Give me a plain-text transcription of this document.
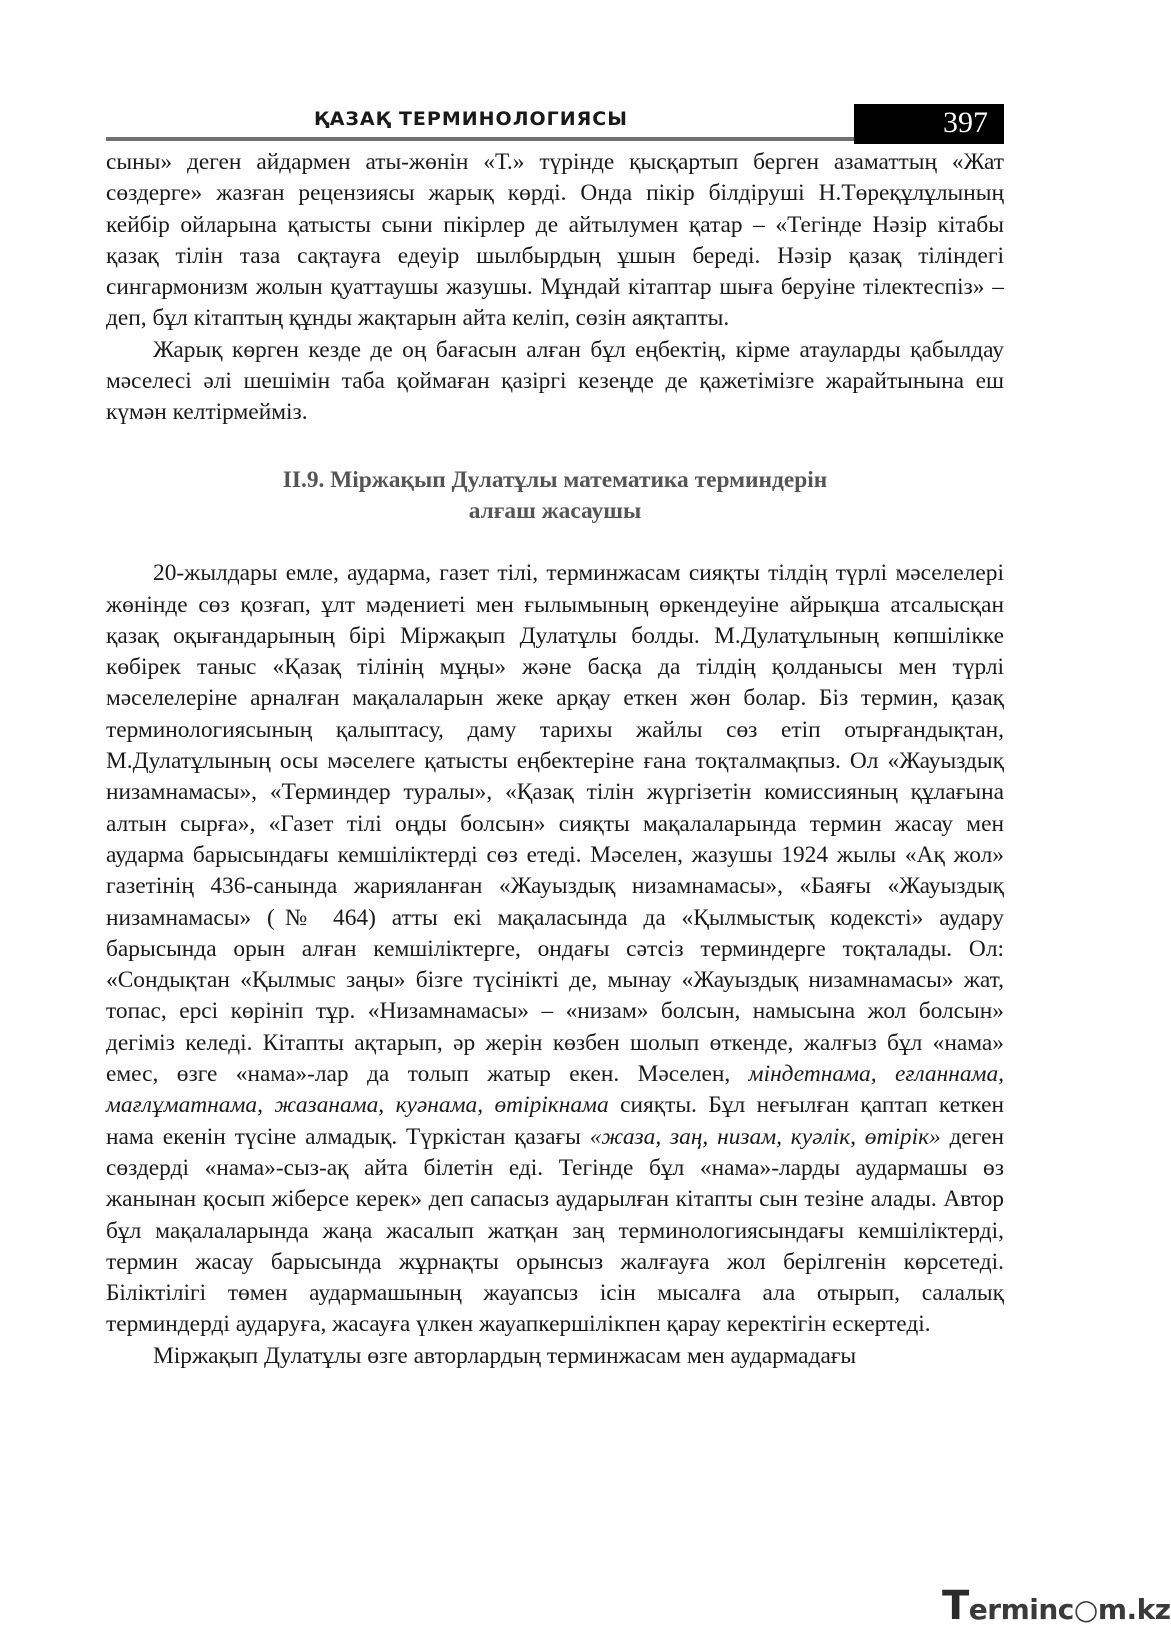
ҚАЗАҚ ТЕРМИНОЛОГИЯСЫ	397

сыны» деген айдармен аты-жөнін «Т.» түрінде қысқартып берген азаматтың «Жат сөздерге» жазған рецензиясы жарық көрді. Онда пікір білдіруші Н.Төреқұлұлының кейбір ойларына қатысты сыни пікірлер де айтылумен қатар – «Тегінде Нәзір кітабы қазақ тілін таза сақтауға едеуір шылбырдың ұшын береді. Нәзір қазақ тіліндегі сингармонизм жолын қуаттаушы жазушы. Мұндай кітаптар шыға беруіне тілектеспіз» – деп, бұл кітаптың құнды жақтарын айта келіп, сөзін аяқтапты.

Жарық көрген кезде де оң бағасын алған бұл еңбектің, кірме атауларды қабылдау мәселесі әлі шешімін таба қоймаған қазіргі кезеңде де қажетімізге жарайтынына еш күмән келтірмейміз.

II.9. Міржақып Дулатұлы математика терминдерін
алғаш жасаушы

20-жылдары емле, аударма, газет тілі, терминжасам сияқты тілдің түрлі мәселелері жөнінде сөз қозғап, ұлт мәдениеті мен ғылымының өркендеуіне айрықша атсалысқан қазақ оқығандарының бірі Міржақып Дулатұлы болды. М.Дулатұлының көпшілікке көбірек таныс «Қазақ тілінің мұңы» және басқа да тілдің қолданысы мен түрлі мәселелеріне арналған мақалаларын жеке арқау еткен жөн болар. Біз термин, қазақ терминологиясының қалыптасу, даму тарихы жайлы сөз етіп отырғандықтан, М.Дулатұлының осы мәселеге қатысты еңбектеріне ғана тоқталмақпыз. Ол «Жауыздық низамнамасы», «Терминдер туралы», «Қазақ тілін жүргізетін комиссияның құлағына алтын сырға», «Газет тілі оңды болсын» сияқты мақалаларында термин жасау мен аударма барысындағы кемшіліктерді сөз етеді. Мәселен, жазушы 1924 жылы «Ақ жол» газетінің 436-санында жарияланған «Жауыздық низамнамасы», «Баяғы «Жауыздық низамнамасы» (№ 464) атты екі мақаласында да «Қылмыстық кодексті» аудару барысында орын алған кемшіліктерге, ондағы сәтсіз терминдерге тоқталады. Ол: «Сондықтан «Қылмыс заңы» бізге түсінікті де, мынау «Жауыздық низамнамасы» жат, топас, ерсі көрініп тұр. «Низамнамасы» – «низам» болсын, намысына жол болсын» дегіміз келеді. Кітапты ақтарып, әр жерін көзбен шолып өткенде, жалғыз бұл «нама» емес, өзге «нама»-лар да толып жатыр екен. Мәселен, міндетнама, еғланнама, мағлұматнама, жазанама, куәнама, өтірікнама сияқты. Бұл неғылған қаптап кеткен нама екенін түсіне алмадық. Түркістан қазағы «жаза, заң, низам, куәлік, өтірік» деген сөздерді «нама»-сыз-ақ айта білетін еді. Тегінде бұл «нама»-ларды аудармашы өз жанынан қосып жіберсе керек» деп сапасыз аударылған кітапты сын тезіне алады. Автор бұл мақалаларында жаңа жасалып жатқан заң терминологиясындағы кемшіліктерді, термин жасау барысында жұрнақты орынсыз жалғауға жол берілгенін көрсетеді. Біліктілігі төмен аудармашының жауапсыз ісін мысалға ала отырып, салалық терминдерді аударуға, жасауға үлкен жауапкершілікпен қарау керектігін ескертеді.

Міржақып Дулатұлы өзге авторлардың терминжасам мен аудармадағы

Terminc○m.kz
